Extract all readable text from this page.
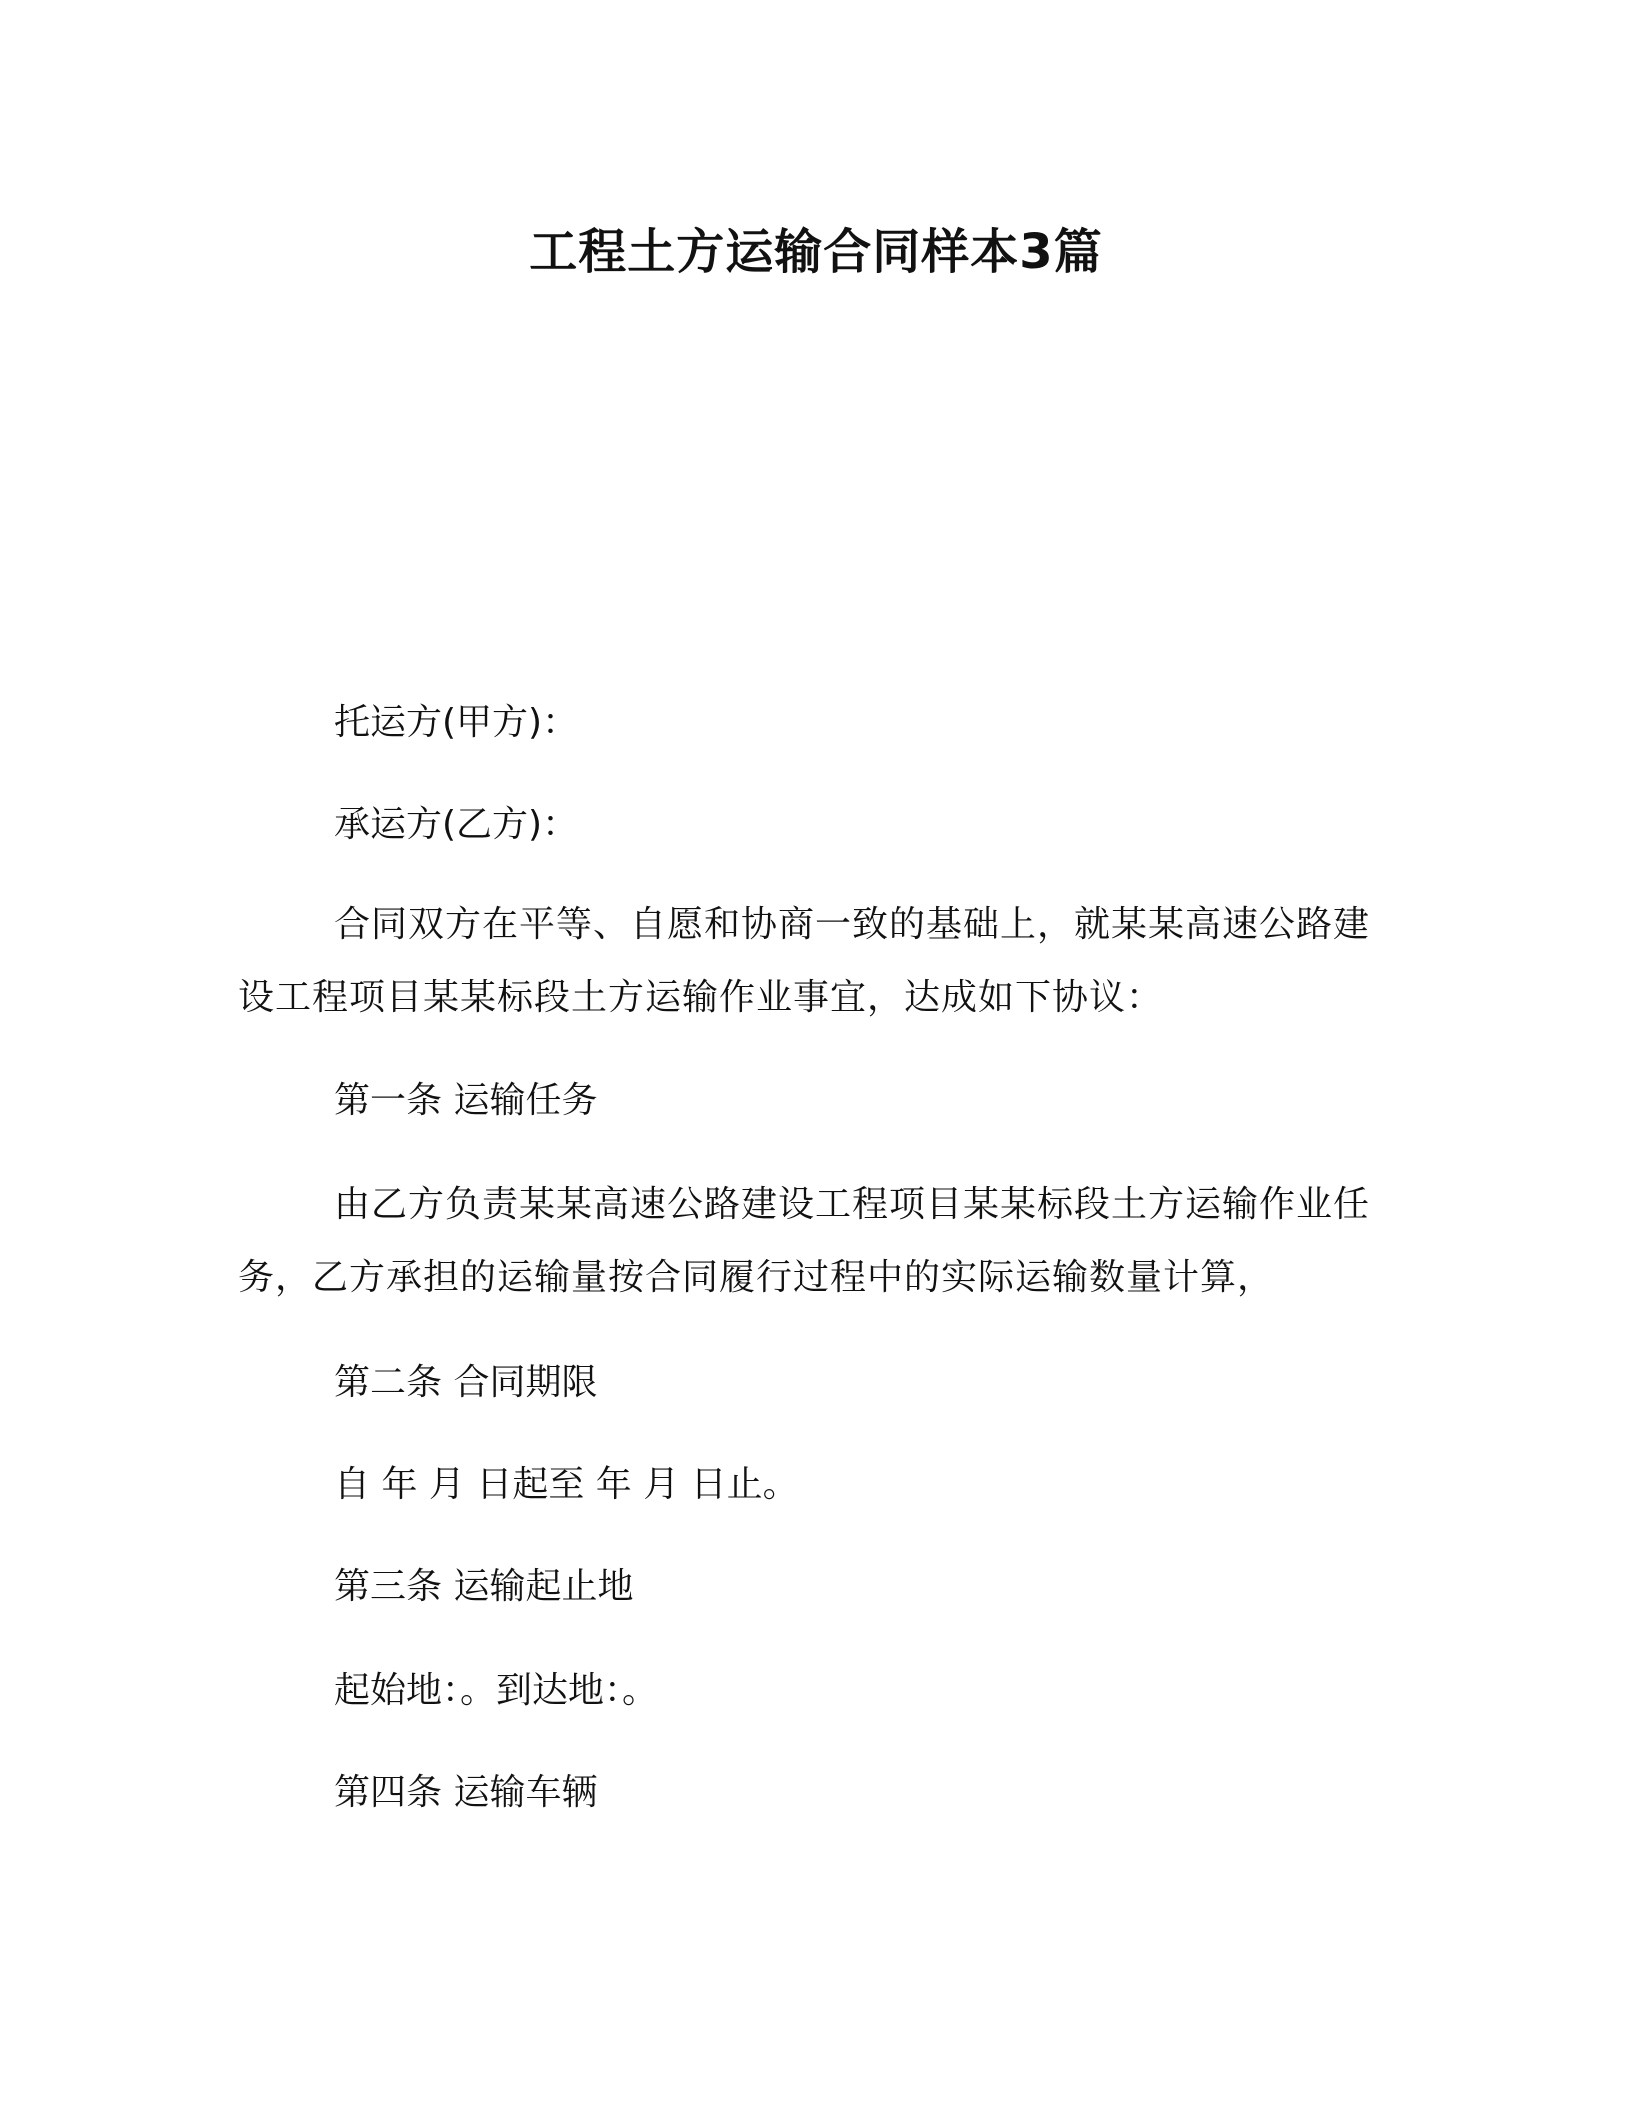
工程土方运输合同样本3篇
托运方(甲方)：
承运方(乙方)：
合同双方在平等、自愿和协商一致的基础上，就某某高速公路建设工程项目某某标段土方运输作业事宜，达成如下协议：
第一条 运输任务
由乙方负责某某高速公路建设工程项目某某标段土方运输作业任务，乙方承担的运输量按合同履行过程中的实际运输数量计算，
第二条 合同期限
自 年 月 日起至 年 月 日止。
第三条 运输起止地
起始地：。到达地：。
第四条 运输车辆
